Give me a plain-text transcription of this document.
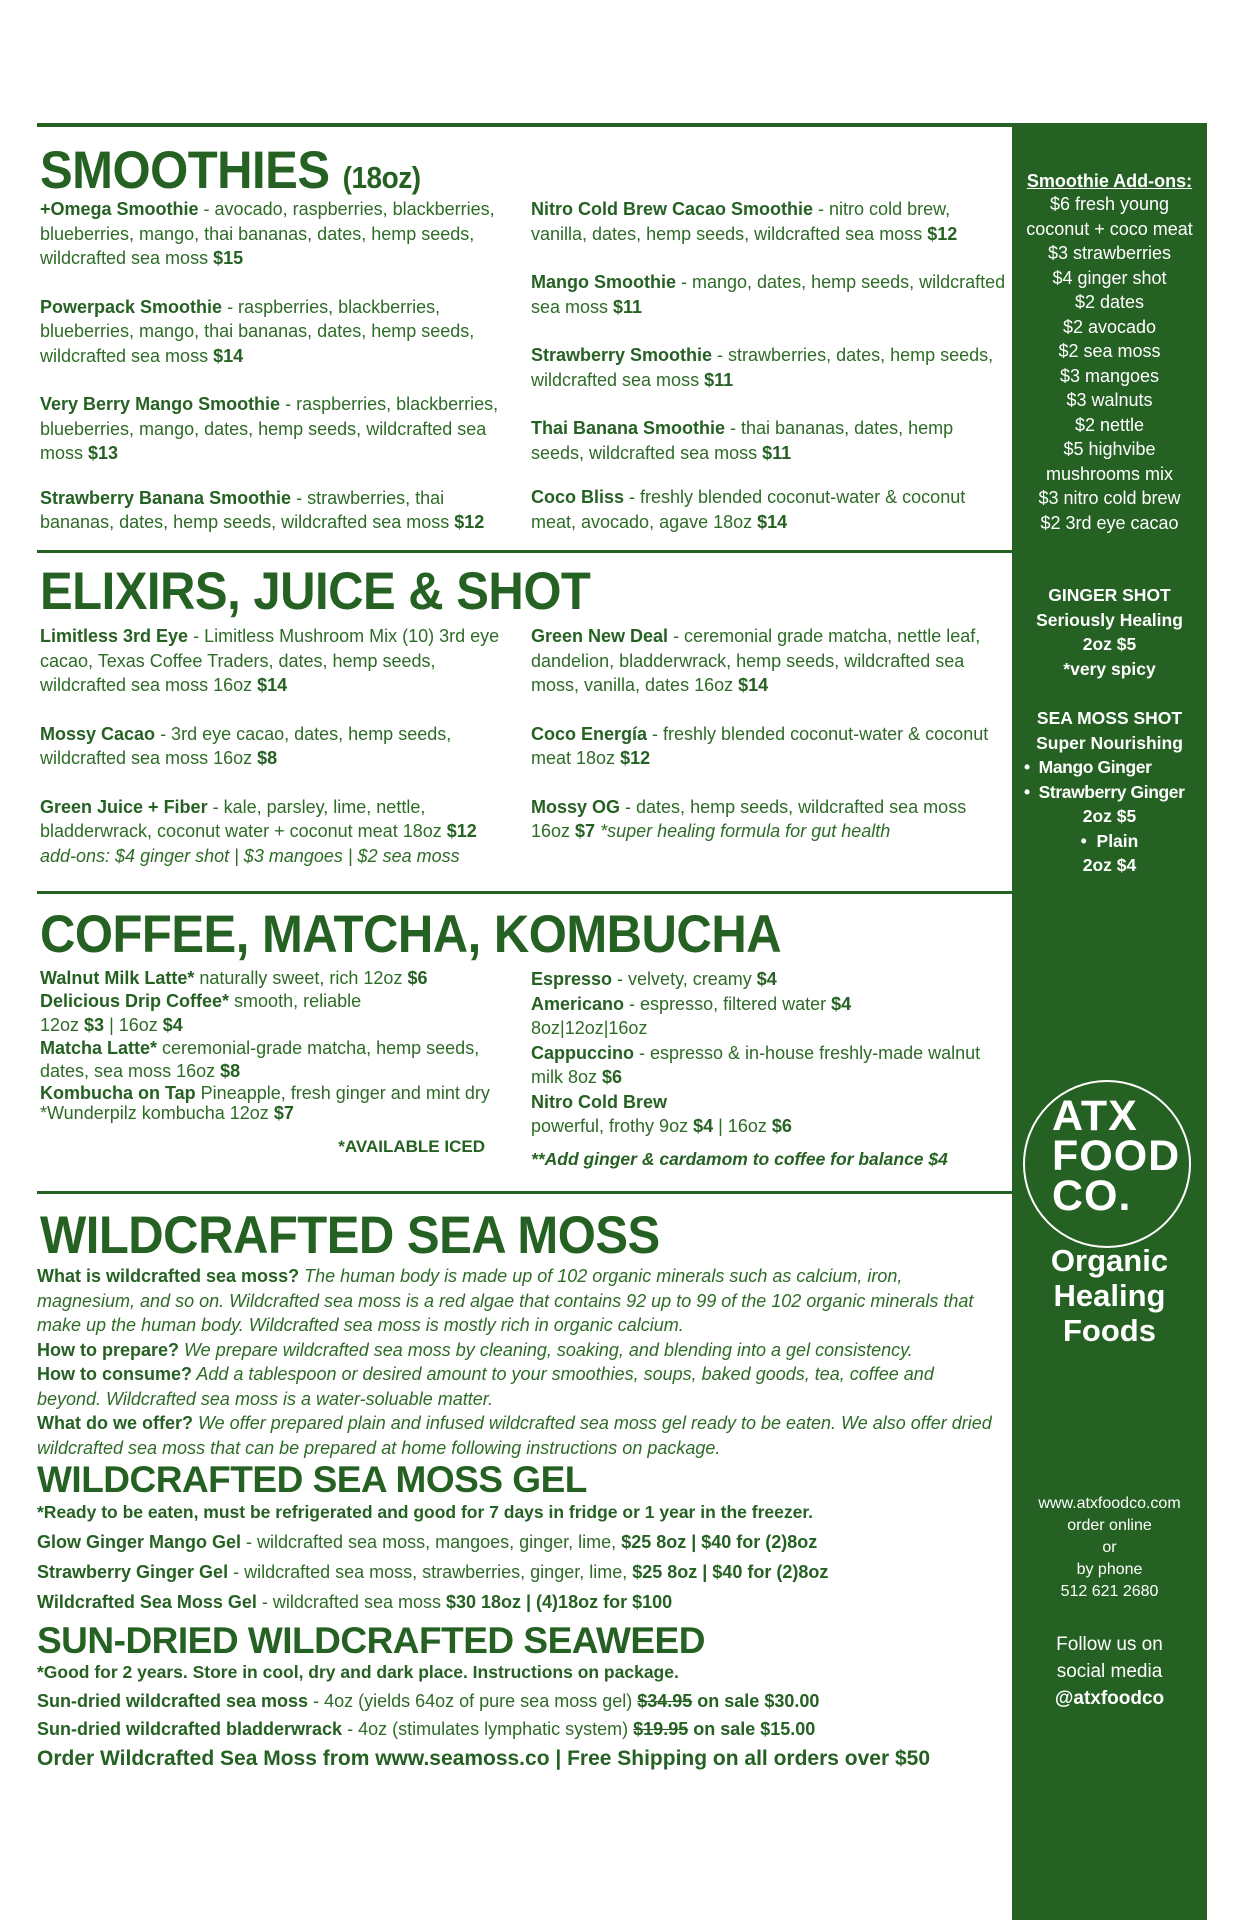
SMOOTHIES (18oz)
+Omega Smoothie - avocado, raspberries, blackberries, blueberries, mango, thai bananas, dates, hemp seeds, wildcrafted sea moss $15
Powerpack Smoothie - raspberries, blackberries, blueberries, mango, thai bananas, dates, hemp seeds, wildcrafted sea moss $14
Very Berry Mango Smoothie - raspberries, blackberries, blueberries, mango, dates, hemp seeds, wildcrafted sea moss $13
Strawberry Banana Smoothie - strawberries, thai bananas, dates, hemp seeds, wildcrafted sea moss $12
Nitro Cold Brew Cacao Smoothie - nitro cold brew, vanilla, dates, hemp seeds, wildcrafted sea moss $12
Mango Smoothie - mango, dates, hemp seeds, wildcrafted sea moss $11
Strawberry Smoothie - strawberries, dates, hemp seeds, wildcrafted sea moss $11
Thai Banana Smoothie - thai bananas, dates, hemp seeds, wildcrafted sea moss $11
Coco Bliss - freshly blended coconut-water & coconut meat, avocado, agave 18oz $14
ELIXIRS, JUICE & SHOT
Limitless 3rd Eye - Limitless Mushroom Mix (10) 3rd eye cacao, Texas Coffee Traders, dates, hemp seeds, wildcrafted sea moss 16oz $14
Mossy Cacao - 3rd eye cacao, dates, hemp seeds, wildcrafted sea moss 16oz $8
Green Juice + Fiber - kale, parsley, lime, nettle, bladderwrack, coconut water + coconut meat 18oz $12
add-ons: $4 ginger shot | $3 mangoes | $2 sea moss
Green New Deal - ceremonial grade matcha, nettle leaf, dandelion, bladderwrack, hemp seeds, wildcrafted sea moss, vanilla, dates 16oz $14
Coco Energía - freshly blended coconut-water & coconut meat 18oz $12
Mossy OG - dates, hemp seeds, wildcrafted sea moss 16oz $7 *super healing formula for gut health
COFFEE, MATCHA, KOMBUCHA
Walnut Milk Latte* naturally sweet, rich 12oz $6
Delicious Drip Coffee* smooth, reliable
12oz $3 | 16oz $4
Matcha Latte* ceremonial-grade matcha, hemp seeds, dates, sea moss 16oz $8
Kombucha on Tap Pineapple, fresh ginger and mint dry *Wunderpilz kombucha 12oz $7
*AVAILABLE ICED
Espresso - velvety, creamy $4
Americano - espresso, filtered water $4
8oz|12oz|16oz
Cappuccino - espresso & in-house freshly-made walnut milk 8oz $6
Nitro Cold Brew
powerful, frothy 9oz $4 | 16oz $6
**Add ginger & cardamom to coffee for balance $4
WILDCRAFTED SEA MOSS
What is wildcrafted sea moss? The human body is made up of 102 organic minerals such as calcium, iron, magnesium, and so on. Wildcrafted sea moss is a red algae that contains 92 up to 99 of the 102 organic minerals that make up the human body. Wildcrafted sea moss is mostly rich in organic calcium.
How to prepare? We prepare wildcrafted sea moss by cleaning, soaking, and blending into a gel consistency.
How to consume? Add a tablespoon or desired amount to your smoothies, soups, baked goods, tea, coffee and beyond. Wildcrafted sea moss is a water-soluable matter.
What do we offer? We offer prepared plain and infused wildcrafted sea moss gel ready to be eaten. We also offer dried wildcrafted sea moss that can be prepared at home following instructions on package.
WILDCRAFTED SEA MOSS GEL
*Ready to be eaten, must be refrigerated and good for 7 days in fridge or 1 year in the freezer.
Glow Ginger Mango Gel - wildcrafted sea moss, mangoes, ginger, lime, $25 8oz | $40 for (2)8oz
Strawberry Ginger Gel - wildcrafted sea moss, strawberries, ginger, lime, $25 8oz | $40 for (2)8oz
Wildcrafted Sea Moss Gel - wildcrafted sea moss $30 18oz | (4)18oz for $100
SUN-DRIED WILDCRAFTED SEAWEED
*Good for 2 years. Store in cool, dry and dark place. Instructions on package.
Sun-dried wildcrafted sea moss - 4oz (yields 64oz of pure sea moss gel) $34.95 on sale $30.00
Sun-dried wildcrafted bladderwrack - 4oz (stimulates lymphatic system) $19.95 on sale $15.00
Order Wildcrafted Sea Moss from www.seamoss.co | Free Shipping on all orders over $50
Smoothie Add-ons:
$6 fresh young
coconut + coco meat
$3 strawberries
$4 ginger shot
$2 dates
$2 avocado
$2 sea moss
$3 mangoes
$3 walnuts
$2 nettle
$5 highvibe
mushrooms mix
$3 nitro cold brew
$2 3rd eye cacao
GINGER SHOT
Seriously Healing
2oz $5
*very spicy
SEA MOSS SHOT
Super Nourishing
•  Mango Ginger
•  Strawberry Ginger
2oz $5
•  Plain
2oz $4
ATX
FOOD
CO.
Organic
Healing
Foods
www.atxfoodco.com
order online
or
by phone
512 621 2680
Follow us on
social media
@atxfoodco
